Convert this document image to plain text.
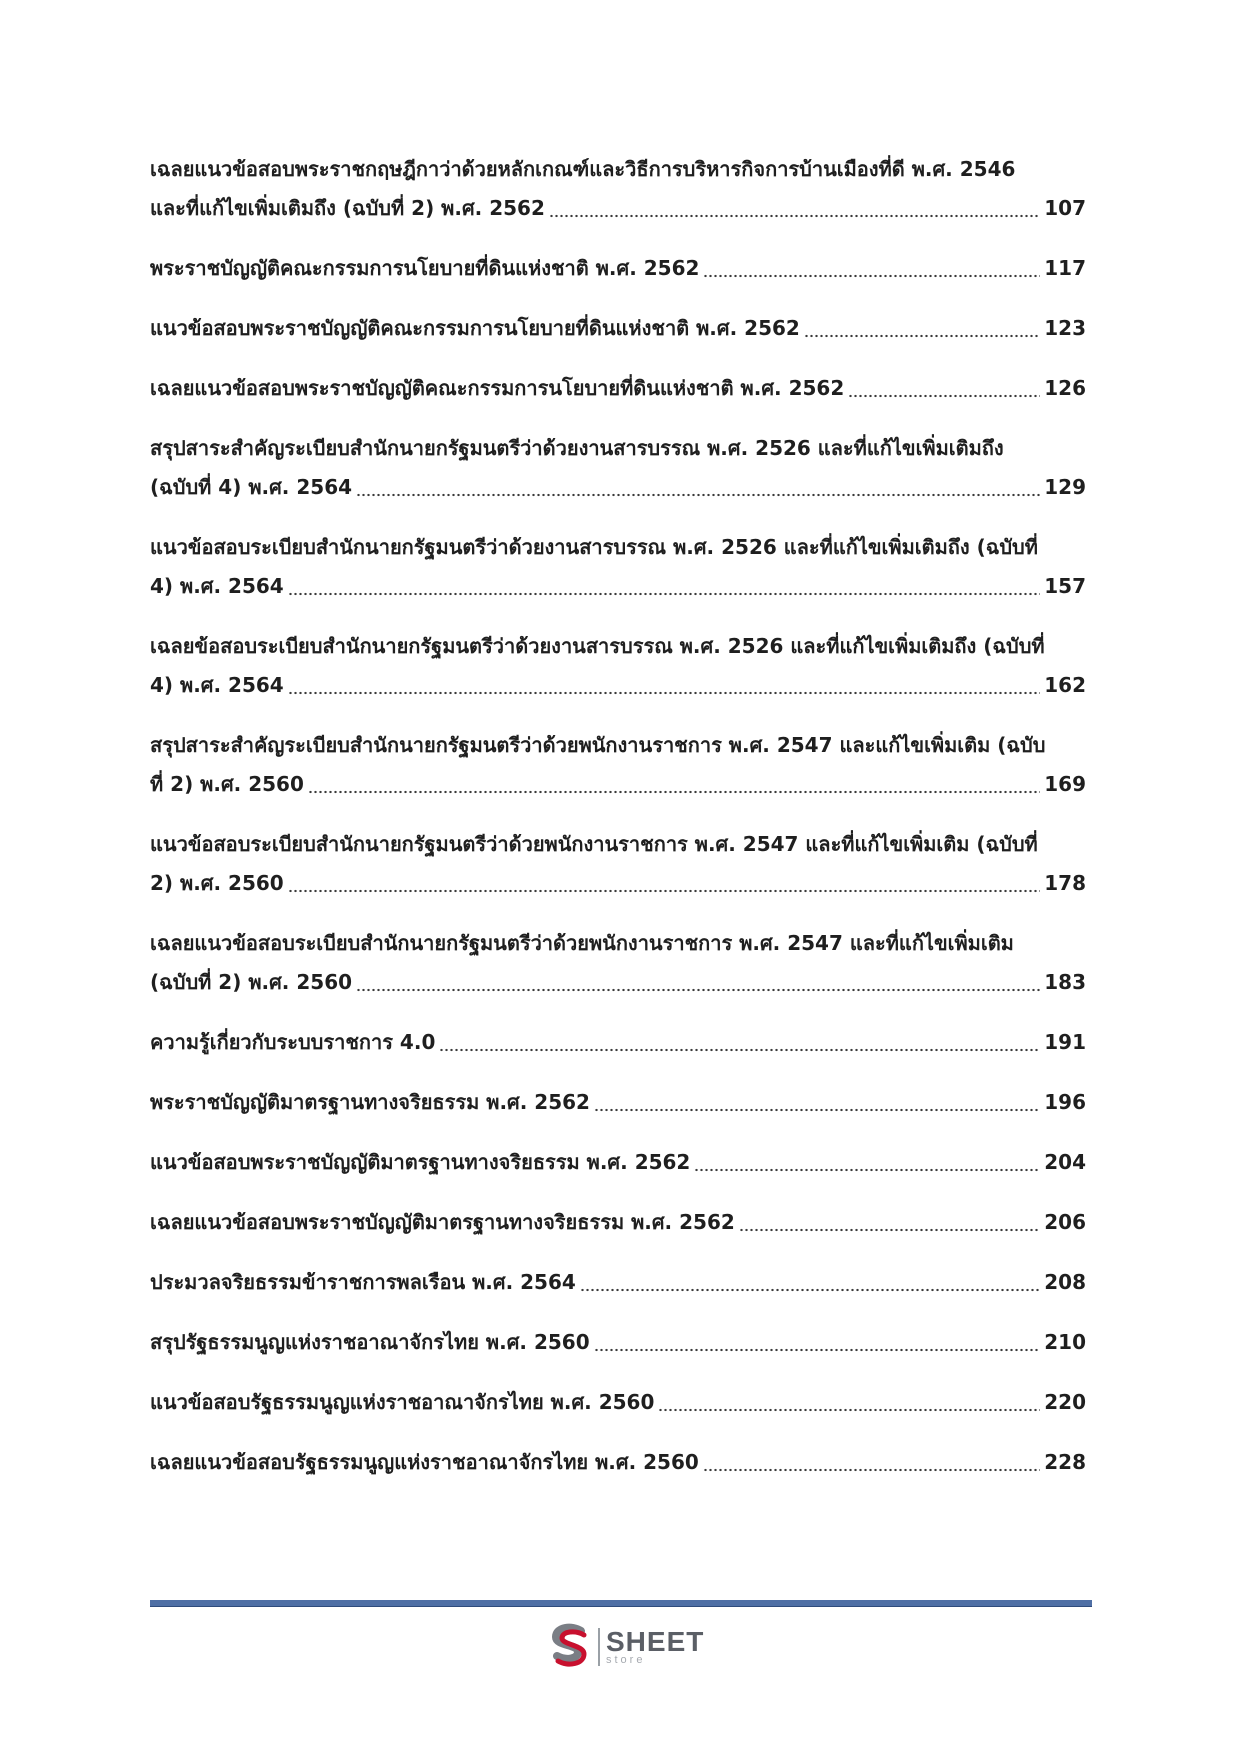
เฉลยแนวข้อสอบพระราชกฤษฎีกาว่าด้วยหลักเกณฑ์และวิธีการบริหารกิจการบ้านเมืองที่ดี พ.ศ. 2546
และที่แก้ไขเพิ่มเติมถึง (ฉบับที่ 2) พ.ศ. 2562	107
พระราชบัญญัติคณะกรรมการนโยบายที่ดินแห่งชาติ พ.ศ. 2562	117
แนวข้อสอบพระราชบัญญัติคณะกรรมการนโยบายที่ดินแห่งชาติ พ.ศ. 2562	123
เฉลยแนวข้อสอบพระราชบัญญัติคณะกรรมการนโยบายที่ดินแห่งชาติ พ.ศ. 2562	126
สรุปสาระสำคัญระเบียบสำนักนายกรัฐมนตรีว่าด้วยงานสารบรรณ พ.ศ. 2526 และที่แก้ไขเพิ่มเติมถึง
(ฉบับที่ 4) พ.ศ. 2564	129
แนวข้อสอบระเบียบสำนักนายกรัฐมนตรีว่าด้วยงานสารบรรณ พ.ศ. 2526 และที่แก้ไขเพิ่มเติมถึง (ฉบับที่
4) พ.ศ. 2564	157
เฉลยข้อสอบระเบียบสำนักนายกรัฐมนตรีว่าด้วยงานสารบรรณ พ.ศ. 2526 และที่แก้ไขเพิ่มเติมถึง (ฉบับที่
4) พ.ศ. 2564	162
สรุปสาระสำคัญระเบียบสำนักนายกรัฐมนตรีว่าด้วยพนักงานราชการ พ.ศ. 2547 และแก้ไขเพิ่มเติม (ฉบับ
ที่ 2) พ.ศ. 2560	169
แนวข้อสอบระเบียบสำนักนายกรัฐมนตรีว่าด้วยพนักงานราชการ พ.ศ. 2547 และที่แก้ไขเพิ่มเติม (ฉบับที่
2) พ.ศ. 2560	178
เฉลยแนวข้อสอบระเบียบสำนักนายกรัฐมนตรีว่าด้วยพนักงานราชการ พ.ศ. 2547 และที่แก้ไขเพิ่มเติม
(ฉบับที่ 2) พ.ศ. 2560	183
ความรู้เกี่ยวกับระบบราชการ 4.0	191
พระราชบัญญัติมาตรฐานทางจริยธรรม พ.ศ. 2562	196
แนวข้อสอบพระราชบัญญัติมาตรฐานทางจริยธรรม พ.ศ. 2562	204
เฉลยแนวข้อสอบพระราชบัญญัติมาตรฐานทางจริยธรรม พ.ศ. 2562	206
ประมวลจริยธรรมข้าราชการพลเรือน พ.ศ. 2564	208
สรุปรัฐธรรมนูญแห่งราชอาณาจักรไทย พ.ศ. 2560	210
แนวข้อสอบรัฐธรรมนูญแห่งราชอาณาจักรไทย พ.ศ. 2560	220
เฉลยแนวข้อสอบรัฐธรรมนูญแห่งราชอาณาจักรไทย พ.ศ. 2560	228
SHEET
store
